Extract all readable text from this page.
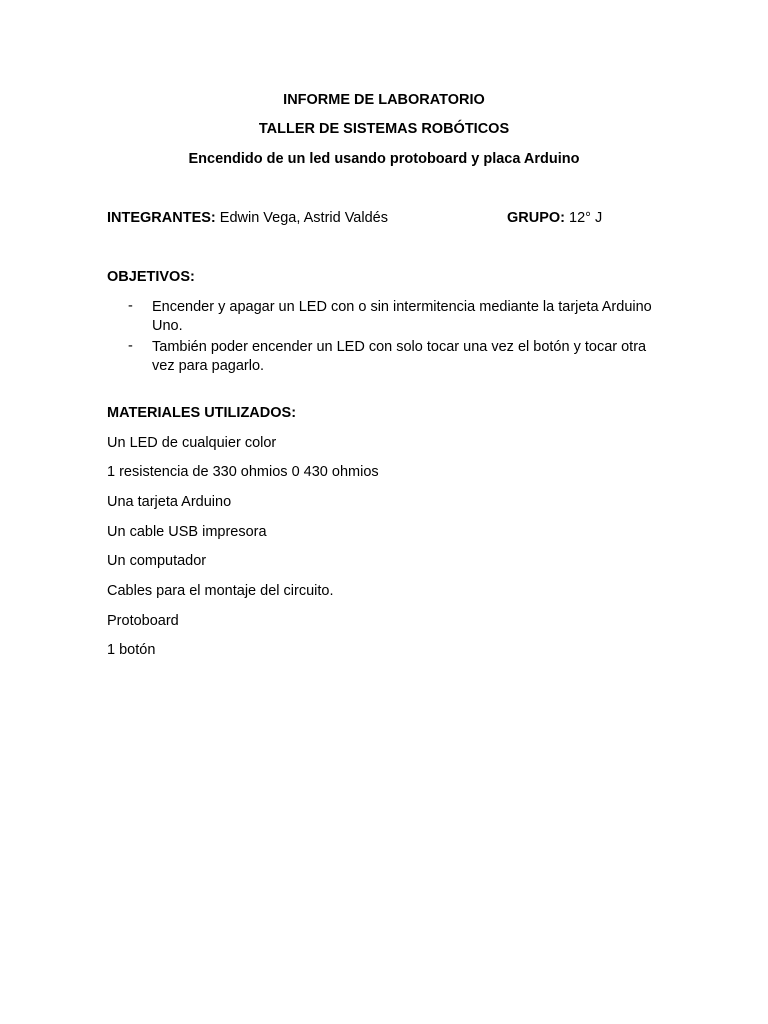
INFORME DE LABORATORIO
TALLER DE SISTEMAS ROBÓTICOS
Encendido de un led usando protoboard y placa Arduino
INTEGRANTES: Edwin Vega, Astrid Valdés	GRUPO: 12° J
OBJETIVOS:
- Encender y apagar un LED con o sin intermitencia mediante la tarjeta Arduino Uno.
- También poder encender un LED con solo tocar una vez el botón y tocar otra vez para pagarlo.
MATERIALES UTILIZADOS:
Un LED de cualquier color
1 resistencia de 330 ohmios 0 430 ohmios
Una tarjeta Arduino
Un cable USB impresora
Un computador
Cables para el montaje del circuito.
Protoboard
1 botón
